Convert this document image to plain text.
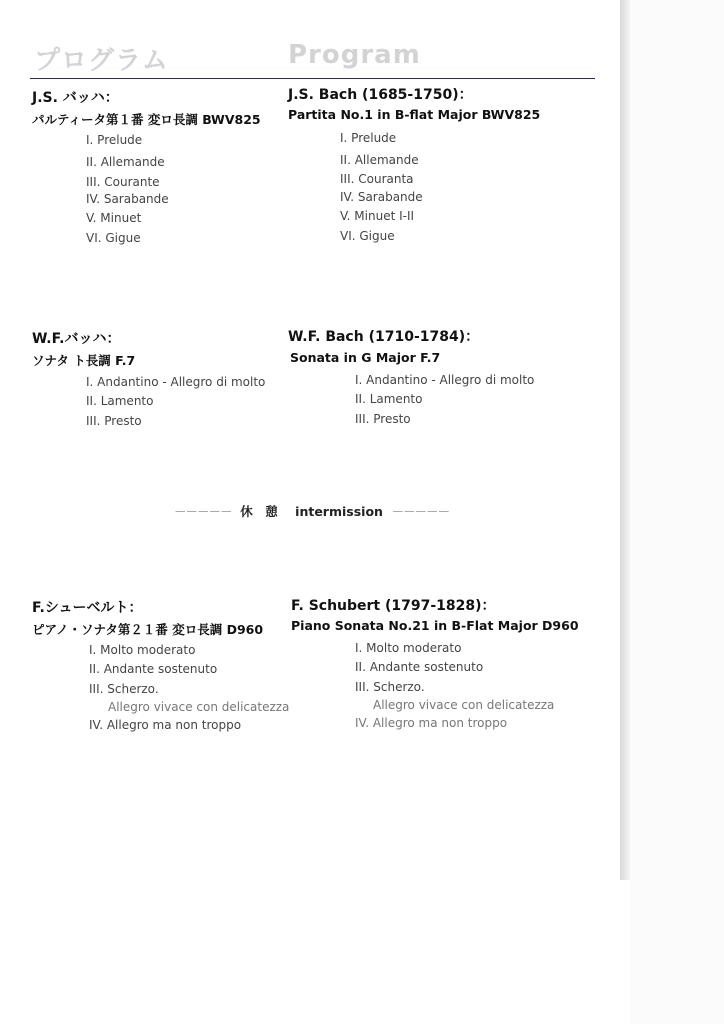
プログラム	Program
J.S. バッハ：
パルティータ第１番 変ロ長調 BWV825
I. Prelude
II. Allemande
III. Courante
IV. Sarabande
V. Minuet
VI. Gigue
J.S. Bach (1685-1750)：
Partita No.1 in B-flat Major BWV825
I. Prelude
II. Allemande
III. Couranta
IV. Sarabande
V. Minuet I-II
VI. Gigue
W.F.バッハ：
ソナタ ト長調 F.7
I. Andantino - Allegro di molto
II. Lamento
III. Presto
W.F. Bach (1710-1784)：
Sonata in G Major F.7
I. Andantino - Allegro di molto
II. Lamento
III. Presto
－－－－－ 休　憩 intermission －－－－－
F.シューベルト：
ピアノ・ソナタ第２１番 変ロ長調 D960
I. Molto moderato
II. Andante sostenuto
III. Scherzo.
Allegro vivace con delicatezza
IV. Allegro ma non troppo
F. Schubert (1797-1828)：
Piano Sonata No.21 in B-Flat Major D960
I. Molto moderato
II. Andante sostenuto
III. Scherzo.
Allegro vivace con delicatezza
IV. Allegro ma non troppo
